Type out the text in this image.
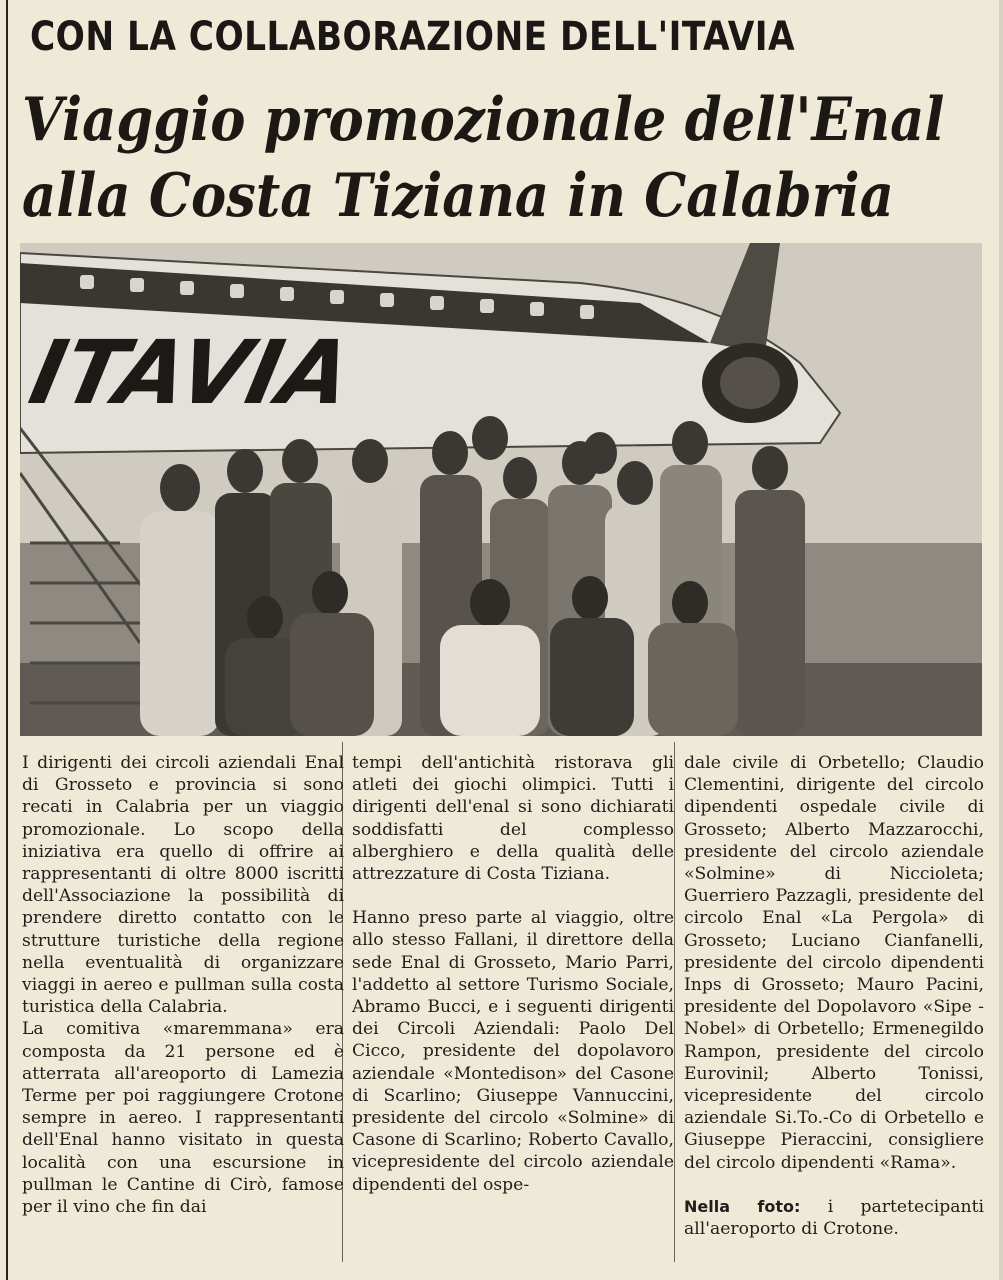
CON LA COLLABORAZIONE DELL'ITAVIA
Viaggio promozionale dell'Enal
alla Costa Tiziana in Calabria
ITAVIA

I dirigenti dei circoli aziendali Enal di Grosseto e provincia si sono recati in Calabria per un viaggio promozionale. Lo scopo della iniziativa era quello di offrire ai rappresentanti di oltre 8000 iscritti dell'Associazione la possibilità di prendere diretto contatto con le strutture turistiche della regione nella eventualità di organizzare viaggi in aereo e pullman sulla costa turistica della Calabria.

La comitiva «maremmana» era composta da 21 persone ed è atterrata all'areoporto di Lamezia Terme per poi raggiungere Crotone sempre in aereo. I rappresentanti dell'Enal hanno visitato in questa località con una escursione in pullman le Cantine di Cirò, famose per il vino che fin dai

tempi dell'antichità ristorava gli atleti dei giochi olimpici. Tutti i dirigenti dell'enal si sono dichiarati soddisfatti del complesso alberghiero e della qualità delle attrezzature di Costa Tiziana.

Hanno preso parte al viaggio, oltre allo stesso Fallani, il direttore della sede Enal di Grosseto, Mario Parri, l'addetto al settore Turismo Sociale, Abramo Bucci, e i seguenti dirigenti dei Circoli Aziendali: Paolo Del Cicco, presidente del dopolavoro aziendale «Montedison» del Casone di Scarlino; Giuseppe Vannuccini, presidente del circolo «Solmine» di Casone di Scarlino; Roberto Cavallo, vicepresidente del circolo aziendale dipendenti del ospe-

dale civile di Orbetello; Claudio Clementini, dirigente del circolo dipendenti ospedale civile di Grosseto; Alberto Mazzarocchi, presidente del circolo aziendale «Solmine» di Niccioleta; Guerriero Pazzagli, presidente del circolo Enal «La Pergola» di Grosseto; Luciano Cianfanelli, presidente del circolo dipendenti Inps di Grosseto; Mauro Pacini, presidente del Dopolavoro «Sipe - Nobel» di Orbetello; Ermenegildo Rampon, presidente del circolo Eurovinil; Alberto Tonissi, vicepresidente del circolo aziendale Si.To.-Co di Orbetello e Giuseppe Pieraccini, consigliere del circolo dipendenti «Rama».

Nella foto: i partetecipanti all'aeroporto di Crotone.
